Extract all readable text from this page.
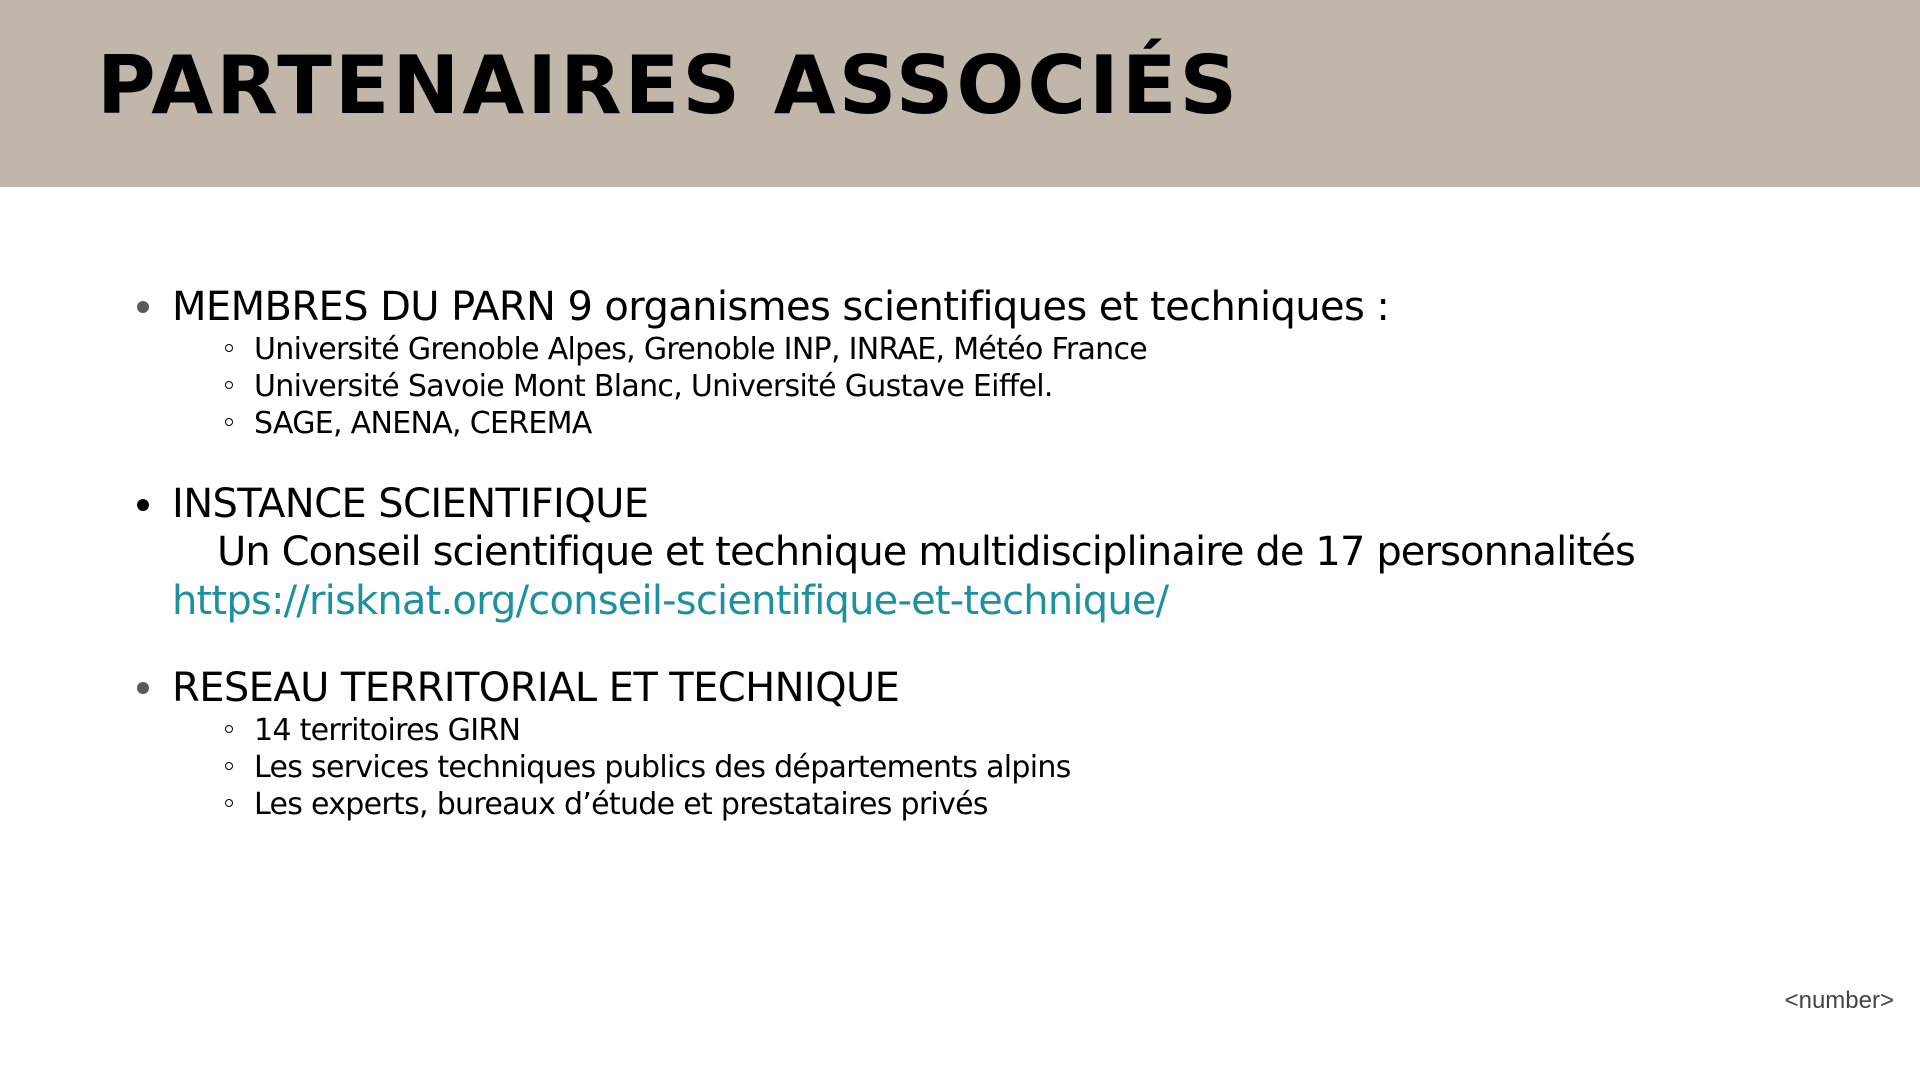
PARTENAIRES ASSOCIÉS
MEMBRES DU PARN 9 organismes scientifiques et techniques :
Université Grenoble Alpes, Grenoble INP, INRAE, Météo France
Université Savoie Mont Blanc, Université Gustave Eiffel.
SAGE, ANENA, CEREMA
INSTANCE SCIENTIFIQUE
Un Conseil scientifique et technique multidisciplinaire de 17 personnalités
https://risknat.org/conseil-scientifique-et-technique/
RESEAU TERRITORIAL ET TECHNIQUE
14 territoires GIRN
Les services techniques publics des départements alpins
Les experts, bureaux d’étude et prestataires privés
<number>
